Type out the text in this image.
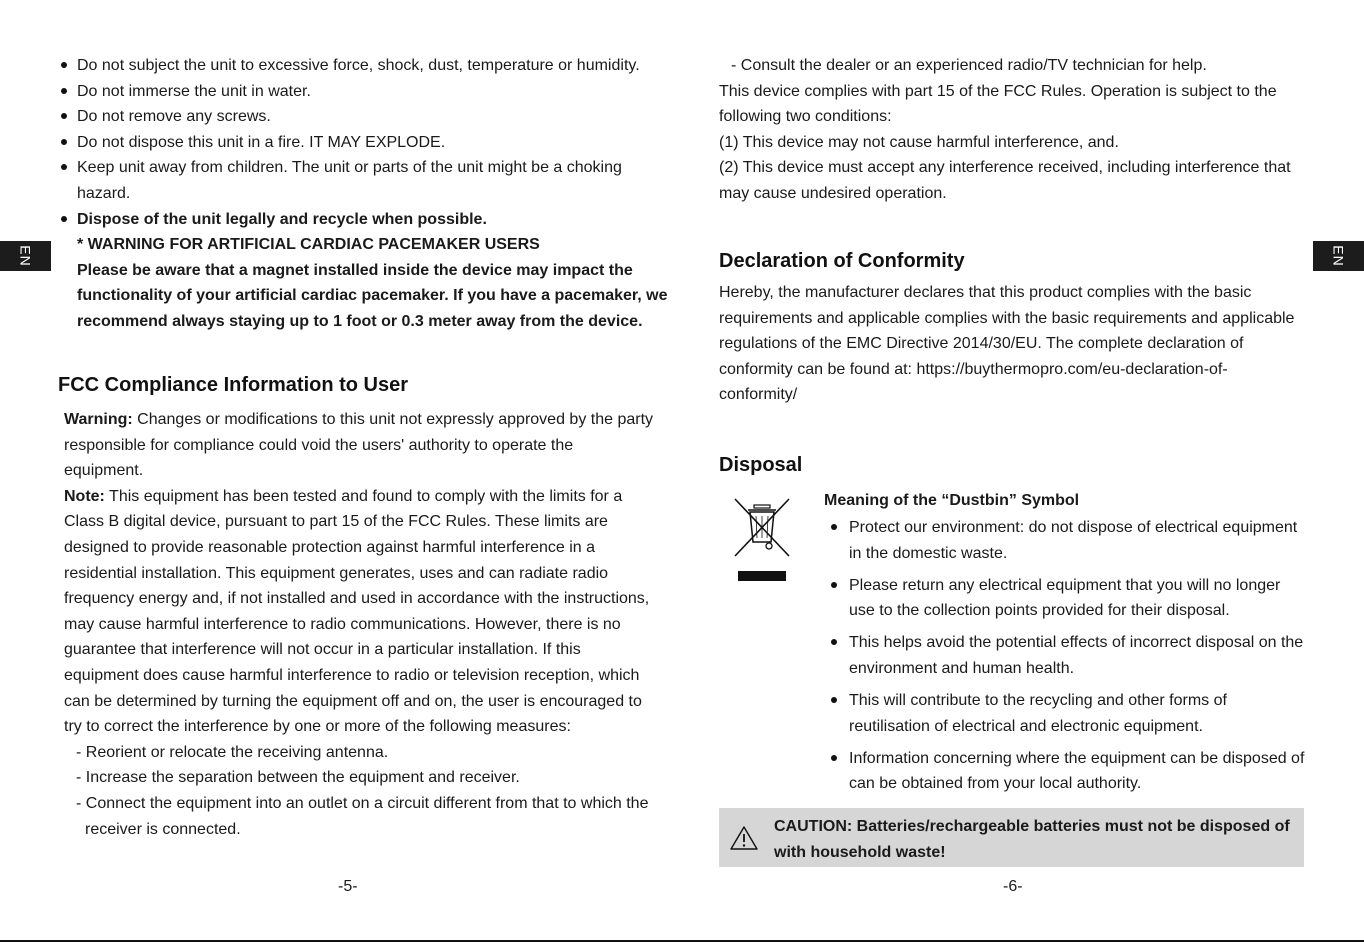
EN
Do not subject the unit to excessive force, shock, dust, temperature or humidity.
Do not immerse the unit in water.
Do not remove any screws.
Do not dispose this unit in a fire. IT MAY EXPLODE.
Keep unit away from children. The unit or parts of the unit might be a choking hazard.
Dispose of the unit legally and recycle when possible.
* WARNING FOR ARTIFICIAL CARDIAC PACEMAKER USERS
Please be aware that a magnet installed inside the device may impact the functionality of your artificial cardiac pacemaker. If you have a pacemaker, we recommend always staying up to 1 foot or 0.3 meter away from the device.
FCC Compliance Information to User

Warning: Changes or modifications to this unit not expressly approved by the party responsible for compliance could void the users' authority to operate the equipment.

Note: This equipment has been tested and found to comply with the limits for a Class B digital device, pursuant to part 15 of the FCC Rules. These limits are designed to provide reasonable protection against harmful interference in a residential installation. This equipment generates, uses and can radiate radio frequency energy and, if not installed and used in accordance with the instructions, may cause harmful interference to radio communications. However, there is no guarantee that interference will not occur in a particular installation. If this equipment does cause harmful interference to radio or television reception, which can be determined by turning the equipment off and on, the user is encouraged to try to correct the interference by one or more of the following measures:

- Reorient or relocate the receiving antenna.
- Increase the separation between the equipment and receiver.
- Connect the equipment into an outlet on a circuit different from that to which the receiver is connected.
-5-
EN

- Consult the dealer or an experienced radio/TV technician for help.

This device complies with part 15 of the FCC Rules. Operation is subject to the following two conditions:

(1) This device may not cause harmful interference, and.

(2) This device must accept any interference received, including interference that may cause undesired operation.

Declaration of Conformity

Hereby, the manufacturer declares that this product complies with the basic requirements and applicable complies with the basic requirements and applicable regulations of the EMC Directive 2014/30/EU. The complete declaration of conformity can be found at: https://buythermopro.com/eu-declaration-of-conformity/

Disposal
Meaning of the “Dustbin” Symbol
Protect our environment: do not dispose of electrical equipment in the domestic waste.
Please return any electrical equipment that you will no longer use to the collection points provided for their disposal.
This helps avoid the potential effects of incorrect disposal on the environment and human health.
This will contribute to the recycling and other forms of reutilisation of electrical and electronic equipment.
Information concerning where the equipment can be disposed of can be obtained from your local authority.
CAUTION: Batteries/rechargeable batteries must not be disposed of with household waste!
-6-
